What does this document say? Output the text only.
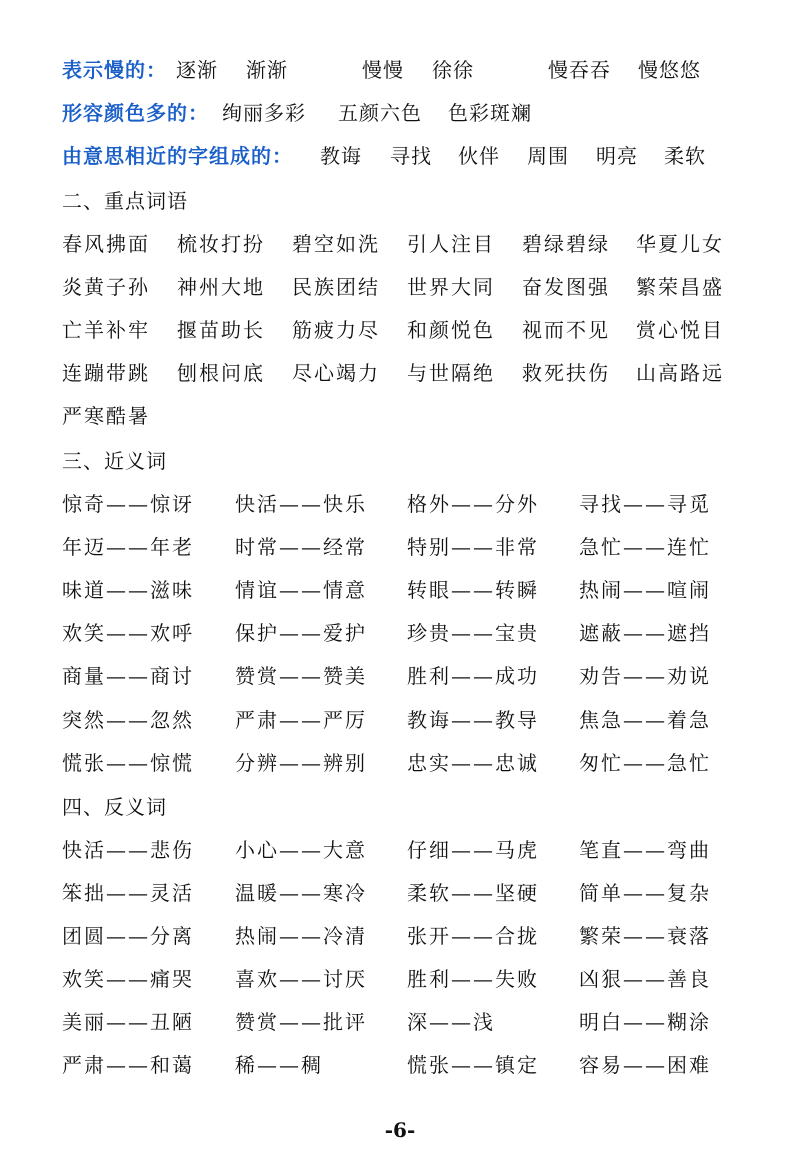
表示慢的： 逐渐 渐渐	慢慢 徐徐	慢吞吞 慢悠悠
形容颜色多的： 绚丽多彩 五颜六色 色彩斑斓
由意思相近的字组成的： 教诲 寻找 伙伴 周围 明亮 柔软
二、重点词语
春风拂面 梳妆打扮 碧空如洗 引人注目 碧绿碧绿 华夏儿女
炎黄子孙 神州大地 民族团结 世界大同 奋发图强 繁荣昌盛
亡羊补牢 揠苗助长 筋疲力尽 和颜悦色 视而不见 赏心悦目
连蹦带跳 刨根问底 尽心竭力 与世隔绝 救死扶伤 山高路远
严寒酷暑
三、近义词
惊奇——惊讶 快活——快乐 格外——分外 寻找——寻觅
年迈——年老 时常——经常 特别——非常 急忙——连忙
味道——滋味 情谊——情意 转眼——转瞬 热闹——喧闹
欢笑——欢呼 保护——爱护 珍贵——宝贵 遮蔽——遮挡
商量——商讨 赞赏——赞美 胜利——成功 劝告——劝说
突然——忽然 严肃——严厉 教诲——教导 焦急——着急
慌张——惊慌 分辨——辨别 忠实——忠诚 匆忙——急忙
四、反义词
快活——悲伤 小心——大意 仔细——马虎 笔直——弯曲
笨拙——灵活 温暖——寒冷 柔软——坚硬 简单——复杂
团圆——分离 热闹——冷清 张开——合拢 繁荣——衰落
欢笑——痛哭 喜欢——讨厌 胜利——失败 凶狠——善良
美丽——丑陋 赞赏——批评 深——浅	明白——糊涂
严肃——和蔼 稀——稠	慌张——镇定 容易——困难
-6-
